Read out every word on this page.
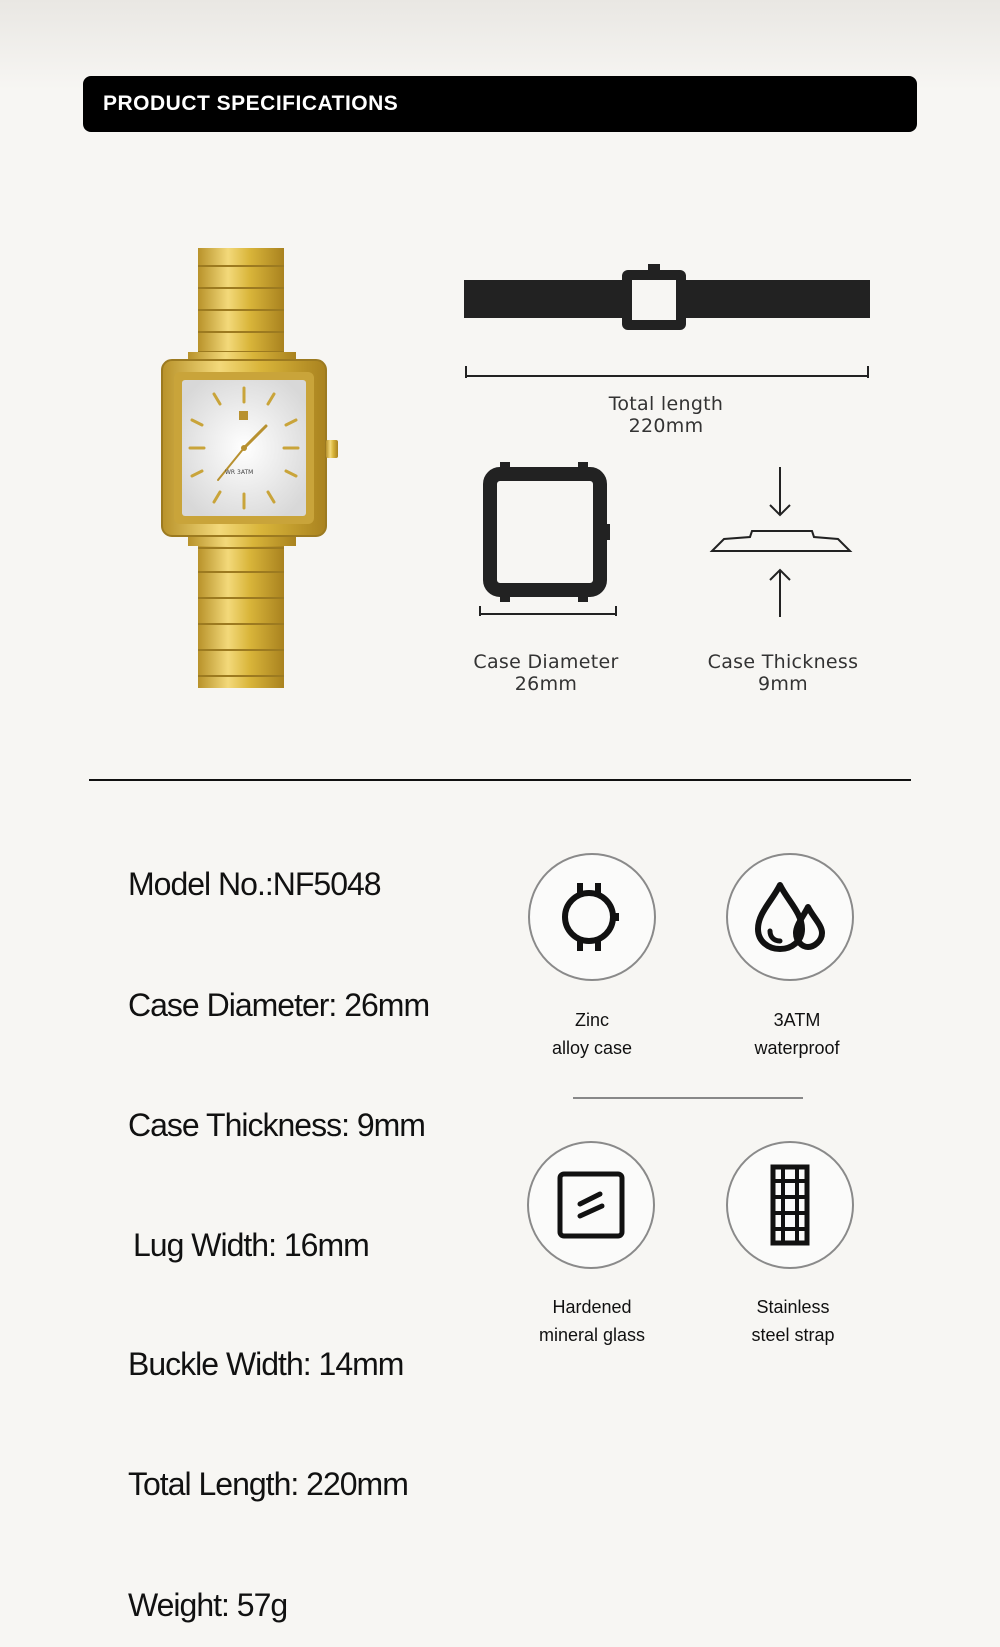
PRODUCT SPECIFICATIONS
WR 3ATM
Total length
220mm
Case Diameter
26mm
Case Thickness
9mm
Model No.:NF5048
Case Diameter: 26mm
Case Thickness: 9mm
Lug Width: 16mm
Buckle Width: 14mm
Total Length: 220mm
Weight: 57g
Zinc
alloy case
3ATM
waterproof
Hardened
mineral glass
Stainless
steel strap
